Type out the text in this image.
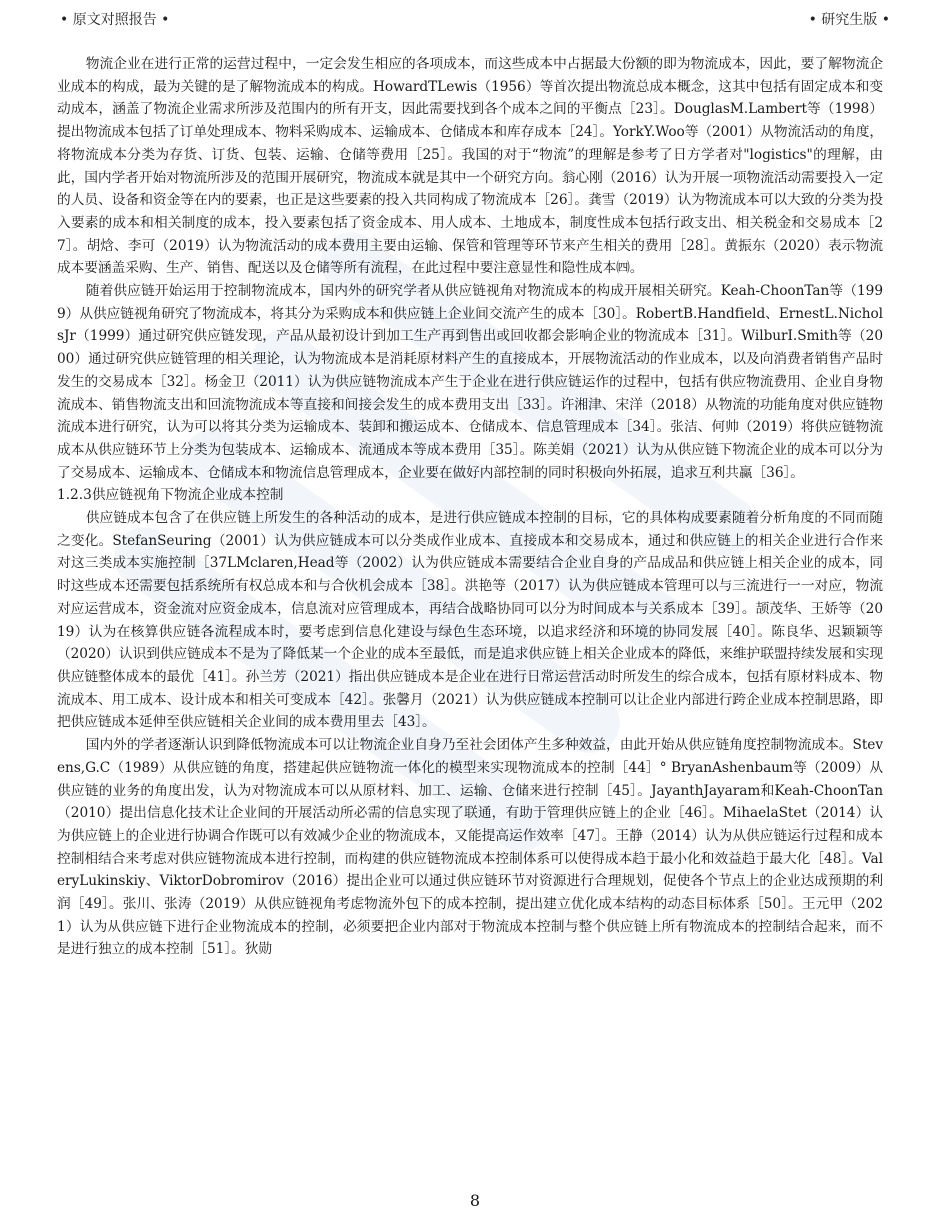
• 原文对照报告 •	• 研究生版 •

物流企业在进行正常的运营过程中，一定会发生相应的各项成本，而这些成本中占据最大份额的即为物流成本，因此，要了解物流企业成本的构成，最为关键的是了解物流成本的构成。HowardTLewis（1956）等首次提出物流总成本概念，这其中包括有固定成本和变动成本，涵盖了物流企业需求所涉及范围内的所有开支，因此需要找到各个成本之间的平衡点［23］。DouglasM.Lambert等（1998）提出物流成本包括了订单处理成本、物料采购成本、运输成本、仓储成本和库存成本［24］。YorkY.Woo等（2001）从物流活动的角度，将物流成本分类为存货、订货、包装、运输、仓储等费用［25］。我国的对于“物流”的理解是参考了日方学者对"logistics"的理解，由此，国内学者开始对物流所涉及的范围开展研究，物流成本就是其中一个研究方向。翁心刚（2016）认为开展一项物流活动需要投入一定的人员、设备和资金等在内的要素，也正是这些要素的投入共同构成了物流成本［26］。龚雪（2019）认为物流成本可以大致的分类为投入要素的成本和相关制度的成本，投入要素包括了资金成本、用人成本、土地成本，制度性成本包括行政支出、相关税金和交易成本［27］。胡焓、李可（2019）认为物流活动的成本费用主要由运输、保管和管理等环节来产生相关的费用［28］。黄振东（2020）表示物流成本要涵盖采购、生产、销售、配送以及仓储等所有流程，在此过程中要注意显性和隐性成本㈣。

随着供应链开始运用于控制物流成本，国内外的研究学者从供应链视角对物流成本的构成开展相关研究。Keah-ChoonTan等（1999）从供应链视角研究了物流成本，将其分为采购成本和供应链上企业间交流产生的成本［30］。RobertB.Handfield、ErnestL.NicholsJr（1999）通过研究供应链发现，产品从最初设计到加工生产再到售出或回收都会影响企业的物流成本［31］。WilburI.Smith等（2000）通过研究供应链管理的相关理论，认为物流成本是消耗原材料产生的直接成本，开展物流活动的作业成本，以及向消费者销售产品时发生的交易成本［32］。杨金卫（2011）认为供应链物流成本产生于企业在进行供应链运作的过程中，包括有供应物流费用、企业自身物流成本、销售物流支出和回流物流成本等直接和间接会发生的成本费用支出［33］。许湘津、宋洋（2018）从物流的功能角度对供应链物流成本进行研究，认为可以将其分类为运输成本、装卸和搬运成本、仓储成本、信息管理成本［34］。张洁、何帅（2019）将供应链物流成本从供应链环节上分类为包装成本、运输成本、流通成本等成本费用［35］。陈美娟（2021）认为从供应链下物流企业的成本可以分为了交易成本、运输成本、仓储成本和物流信息管理成本，企业要在做好内部控制的同时积极向外拓展，追求互利共赢［36］。

1.2.3供应链视角下物流企业成本控制

供应链成本包含了在供应链上所发生的各种活动的成本，是进行供应链成本控制的目标，它的具体构成要素随着分析角度的不同而随之变化。StefanSeuring（2001）认为供应链成本可以分类成作业成本、直接成本和交易成本，通过和供应链上的相关企业进行合作来对这三类成本实施控制［37LMclaren,Head等（2002）认为供应链成本需要结合企业自身的产品成品和供应链上相关企业的成本，同时这些成本还需要包括系统所有权总成本和与合伙机会成本［38］。洪艳等（2017）认为供应链成本管理可以与三流进行一一对应，物流对应运营成本，资金流对应资金成本，信息流对应管理成本，再结合战略协同可以分为时间成本与关系成本［39］。颉茂华、王娇等（2019）认为在核算供应链各流程成本时，要考虑到信息化建设与绿色生态环境，以追求经济和环境的协同发展［40］。陈良华、迟颖颖等（2020）认识到供应链成本不是为了降低某一个企业的成本至最低，而是追求供应链上相关企业成本的降低，来维护联盟持续发展和实现供应链整体成本的最优［41］。孙兰芳（2021）指出供应链成本是企业在进行日常运营活动时所发生的综合成本，包括有原材料成本、物流成本、用工成本、设计成本和相关可变成本［42］。张馨月（2021）认为供应链成本控制可以让企业内部进行跨企业成本控制思路，即把供应链成本延伸至供应链相关企业间的成本费用里去［43］。

国内外的学者逐渐认识到降低物流成本可以让物流企业自身乃至社会团体产生多种效益，由此开始从供应链角度控制物流成本。Stevens,G.C（1989）从供应链的角度，搭建起供应链物流一体化的模型来实现物流成本的控制［44］° BryanAshenbaum等（2009）从供应链的业务的角度出发，认为对物流成本可以从原材料、加工、运输、仓储来进行控制［45］。JayanthJayaram和Keah-ChoonTan（2010）提出信息化技术让企业间的开展活动所必需的信息实现了联通，有助于管理供应链上的企业［46］。MihaelaStet（2014）认为供应链上的企业进行协调合作既可以有效减少企业的物流成本，又能提高运作效率［47］。王静（2014）认为从供应链运行过程和成本控制相结合来考虑对供应链物流成本进行控制，而构建的供应链物流成本控制体系可以使得成本趋于最小化和效益趋于最大化［48］。ValeryLukinskiy、ViktorDobromirov（2016）提出企业可以通过供应链环节对资源进行合理规划，促使各个节点上的企业达成预期的利润［49］。张川、张涛（2019）从供应链视角考虑物流外包下的成本控制，提出建立优化成本结构的动态目标体系［50］。王元甲（2021）认为从供应链下进行企业物流成本的控制，必须要把企业内部对于物流成本控制与整个供应链上所有物流成本的控制结合起来，而不是进行独立的成本控制［51］。狄勋

8
